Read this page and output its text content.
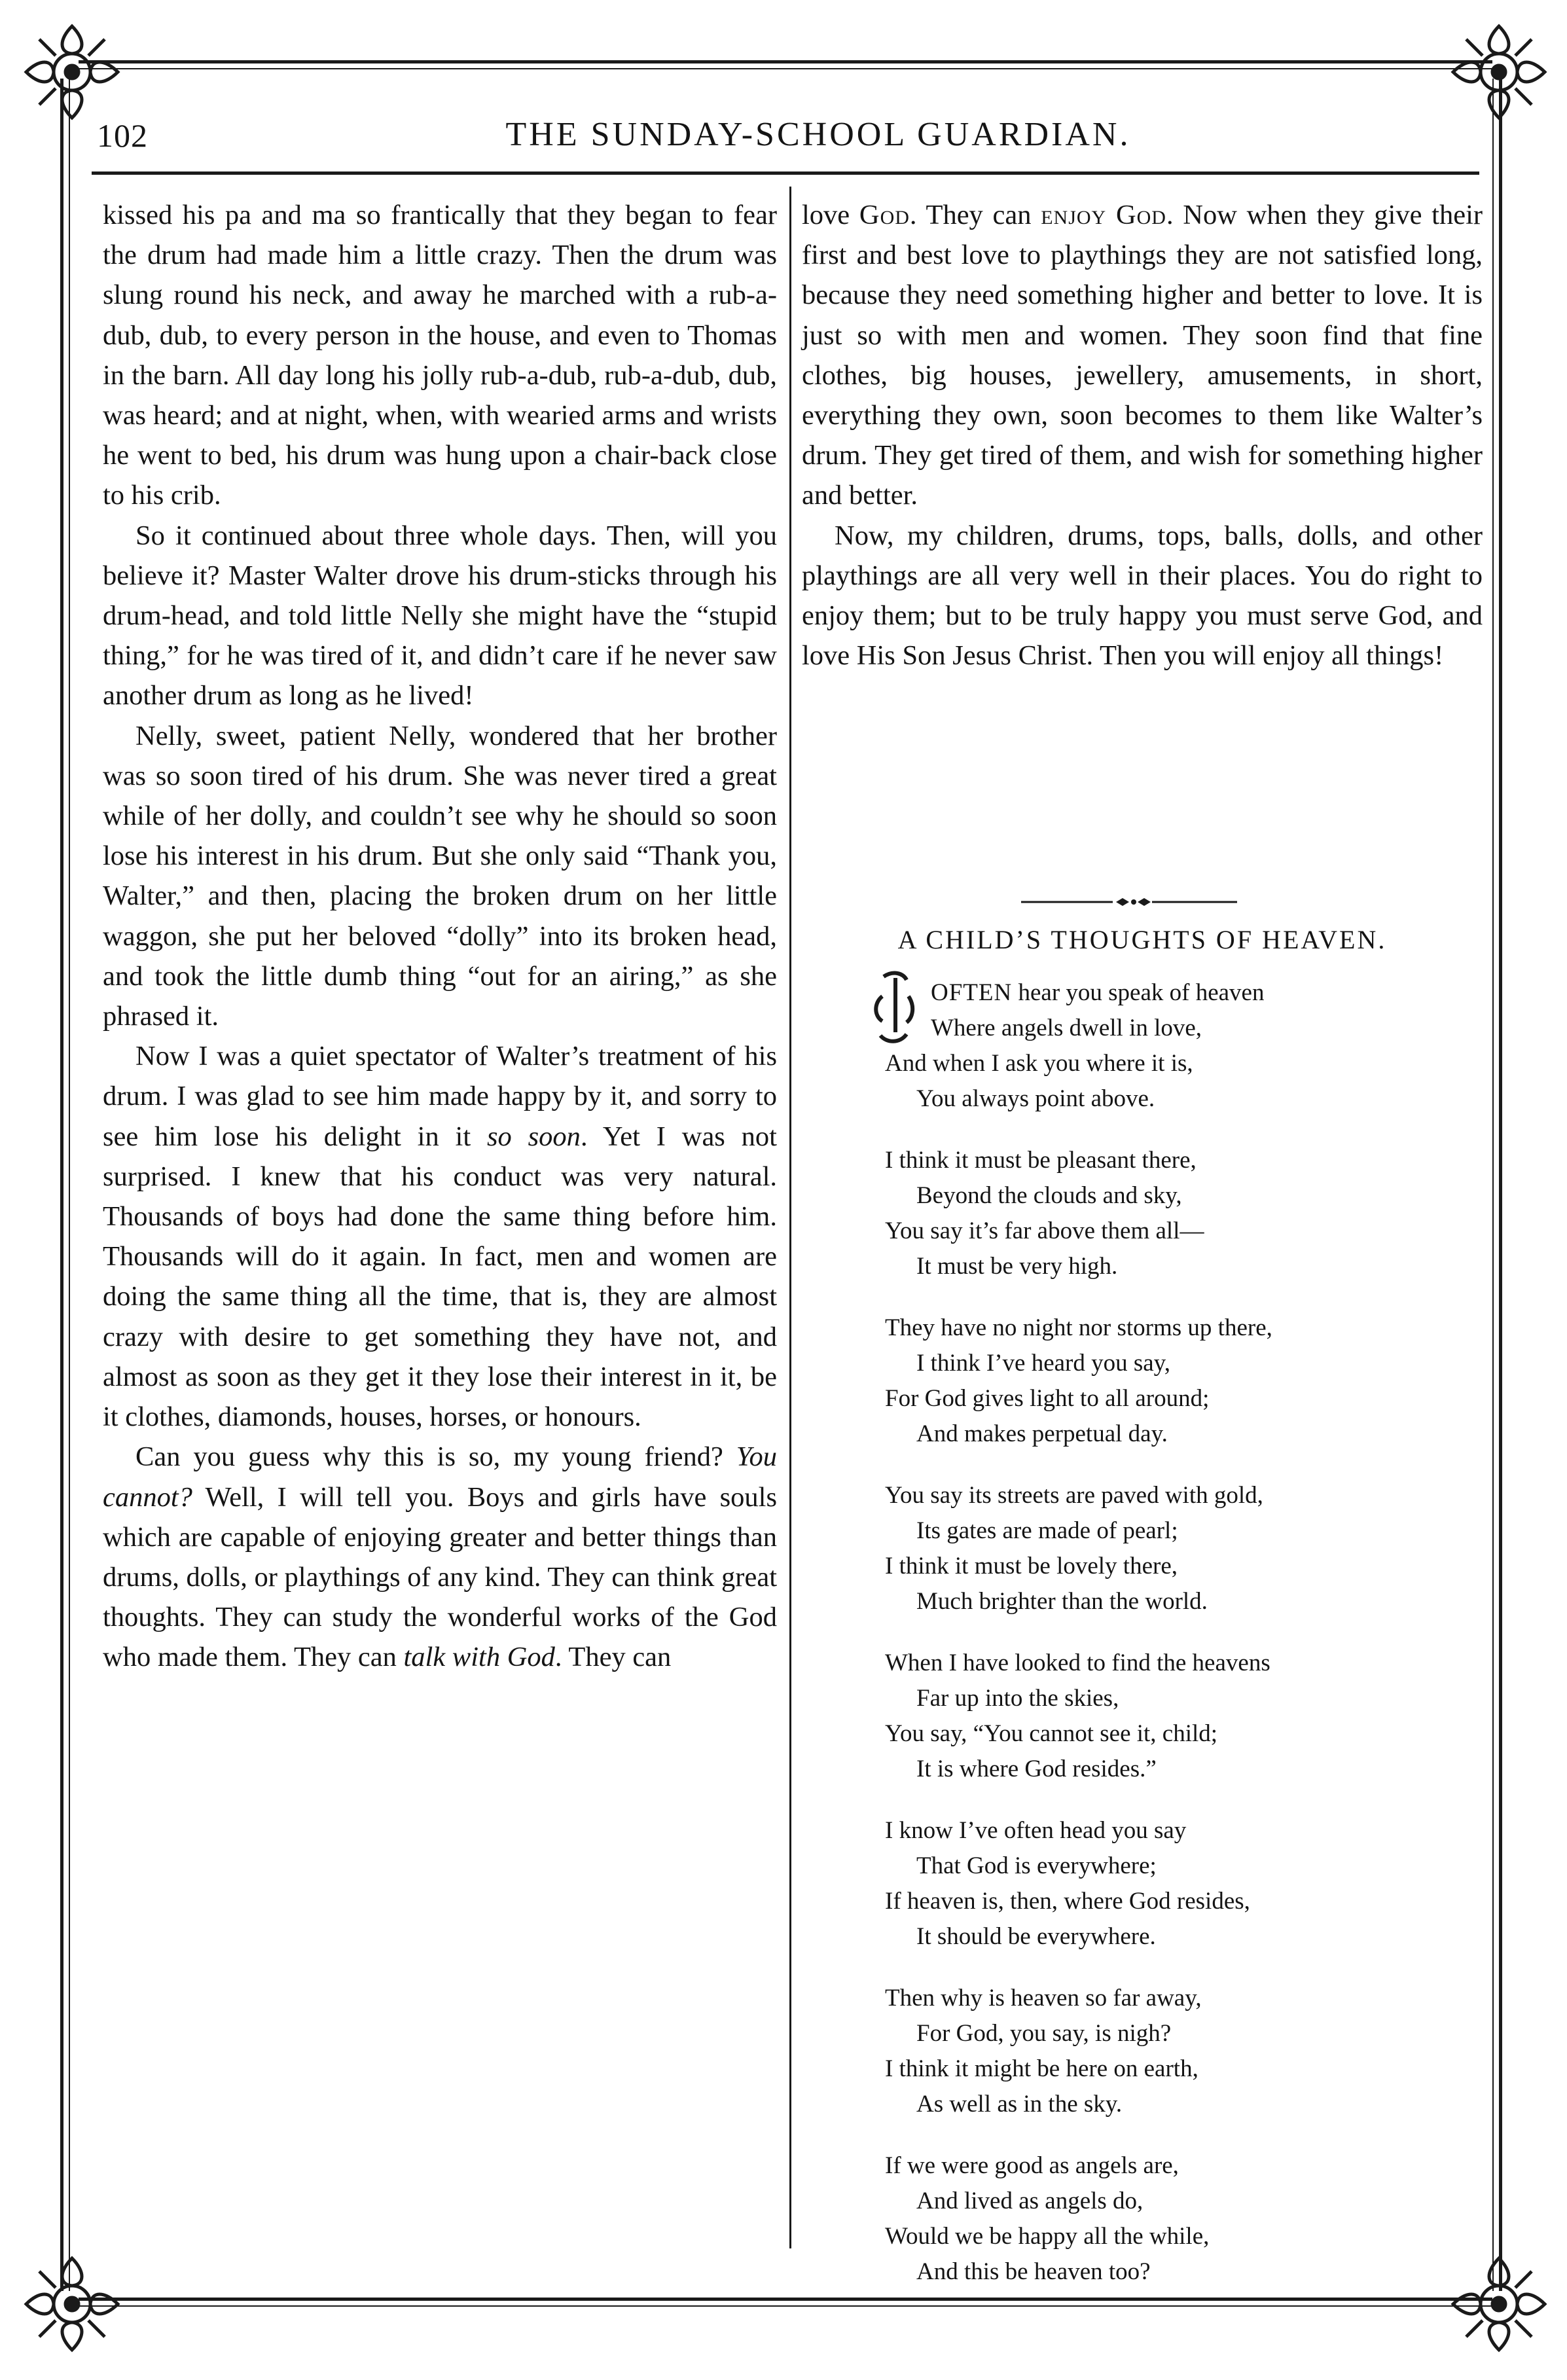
102	THE SUNDAY-SCHOOL GUARDIAN.

kissed his pa and ma so frantically that they began to fear the drum had made him a little crazy. Then the drum was slung round his neck, and away he marched with a rub-a-dub, dub, to every person in the house, and even to Thomas in the barn. All day long his jolly rub-a-dub, rub-a-dub, dub, was heard; and at night, when, with wearied arms and wrists he went to bed, his drum was hung upon a chair-back close to his crib.

So it continued about three whole days. Then, will you believe it? Master Walter drove his drum-sticks through his drum-head, and told little Nelly she might have the “stupid thing,” for he was tired of it, and didn’t care if he never saw another drum as long as he lived!

Nelly, sweet, patient Nelly, wondered that her brother was so soon tired of his drum. She was never tired a great while of her dolly, and couldn’t see why he should so soon lose his interest in his drum. But she only said “Thank you, Walter,” and then, placing the broken drum on her little waggon, she put her beloved “dolly” into its broken head, and took the little dumb thing “out for an airing,” as she phrased it.

Now I was a quiet spectator of Walter’s treatment of his drum. I was glad to see him made happy by it, and sorry to see him lose his delight in it so soon. Yet I was not surprised. I knew that his conduct was very natural. Thousands of boys had done the same thing before him. Thousands will do it again. In fact, men and women are doing the same thing all the time, that is, they are almost crazy with desire to get something they have not, and almost as soon as they get it they lose their interest in it, be it clothes, diamonds, houses, horses, or honours.

Can you guess why this is so, my young friend? You cannot? Well, I will tell you. Boys and girls have souls which are capable of enjoying greater and better things than drums, dolls, or playthings of any kind. They can think great thoughts. They can study the wonderful works of the God who made them. They can talk with God. They can

love God. They can enjoy God. Now when they give their first and best love to playthings they are not satisfied long, because they need something higher and better to love. It is just so with men and women. They soon find that fine clothes, big houses, jewellery, amusements, in short, everything they own, soon becomes to them like Walter’s drum. They get tired of them, and wish for something higher and better.

Now, my children, drums, tops, balls, dolls, and other playthings are all very well in their places. You do right to enjoy them; but to be truly happy you must serve God, and love His Son Jesus Christ. Then you will enjoy all things!

A CHILD’S THOUGHTS OF HEAVEN.
OFTEN hear you speak of heaven
Where angels dwell in love,
And when I ask you where it is,
You always point above.
I think it must be pleasant there,
Beyond the clouds and sky,
You say it’s far above them all—
It must be very high.
They have no night nor storms up there,
I think I’ve heard you say,
For God gives light to all around;
And makes perpetual day.
You say its streets are paved with gold,
Its gates are made of pearl;
I think it must be lovely there,
Much brighter than the world.
When I have looked to find the heavens
Far up into the skies,
You say, “You cannot see it, child;
It is where God resides.”
I know I’ve often head you say
That God is everywhere;
If heaven is, then, where God resides,
It should be everywhere.
Then why is heaven so far away,
For God, you say, is nigh?
I think it might be here on earth,
As well as in the sky.
If we were good as angels are,
And lived as angels do,
Would we be happy all the while,
And this be heaven too?
